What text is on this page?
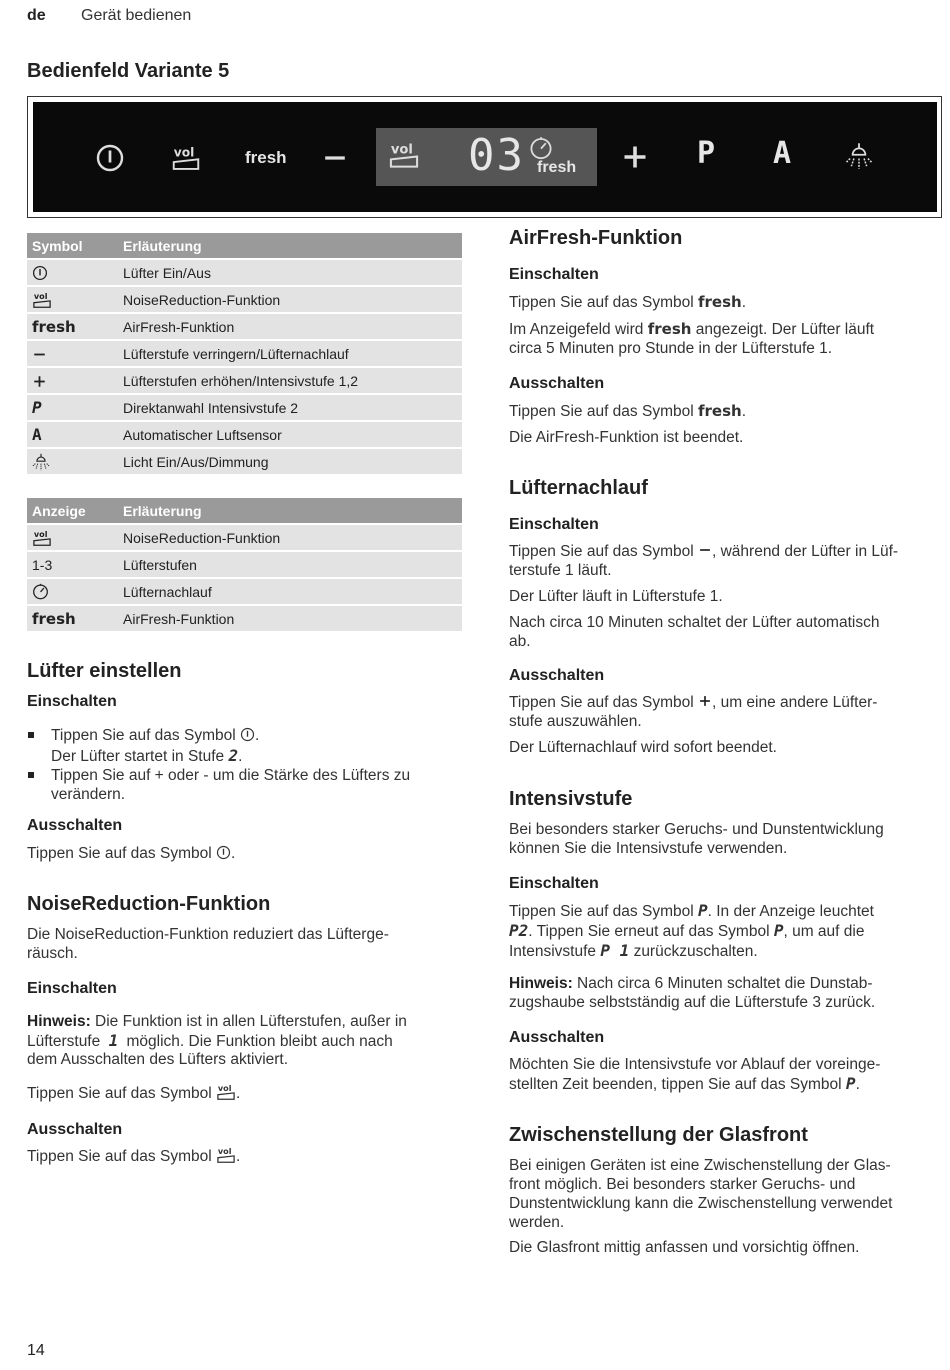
de Gerät bedienen
Bedienfeld Variante 5
fresh	03 fresh	P A
Symbol	Erläuterung
	Lüfter Ein/Aus
	NoiseReduction-Funktion
fresh	AirFresh-Funktion
	Lüfterstufe verringern/Lüfternachlauf
	Lüfterstufen erhöhen/Intensivstufe 1,2
P	Direktanwahl Intensivstufe 2
A	Automatischer Luftsensor
	Licht Ein/Aus/Dimmung
Anzeige	Erläuterung
	NoiseReduction-Funktion
1-3	Lüfterstufen
	Lüfternachlauf
fresh	AirFresh-Funktion
Lüfter einstellen
Einschalten
Tippen Sie auf das Symbol .
Der Lüfter startet in Stufe 2.
Tippen Sie auf + oder - um die Stärke des Lüfters zu
verändern.
Ausschalten
Tippen Sie auf das Symbol .
NoiseReduction-Funktion
Die NoiseReduction-Funktion reduziert das Lüfterge-
räusch.
Einschalten
Hinweis: Die Funktion ist in allen Lüfterstufen, außer in
Lüfterstufe 1 möglich. Die Funktion bleibt auch nach
dem Ausschalten des Lüfters aktiviert.
Tippen Sie auf das Symbol .
Ausschalten
Tippen Sie auf das Symbol .
AirFresh-Funktion
Einschalten
Tippen Sie auf das Symbol fresh.
Im Anzeigefeld wird fresh angezeigt. Der Lüfter läuft
circa 5 Minuten pro Stunde in der Lüfterstufe 1.
Ausschalten
Tippen Sie auf das Symbol fresh.
Die AirFresh-Funktion ist beendet.
Lüfternachlauf
Einschalten
Tippen Sie auf das Symbol , während der Lüfter in Lüf-
terstufe 1 läuft.
Der Lüfter läuft in Lüfterstufe 1.
Nach circa 10 Minuten schaltet der Lüfter automatisch
ab.
Ausschalten
Tippen Sie auf das Symbol , um eine andere Lüfter-
stufe auszuwählen.
Der Lüfternachlauf wird sofort beendet.
Intensivstufe
Bei besonders starker Geruchs- und Dunstentwicklung
können Sie die Intensivstufe verwenden.
Einschalten
Tippen Sie auf das Symbol P. In der Anzeige leuchtet
P2. Tippen Sie erneut auf das Symbol P, um auf die
Intensivstufe P 1 zurückzuschalten.
Hinweis: Nach circa 6 Minuten schaltet die Dunstab-
zugshaube selbstständig auf die Lüfterstufe 3 zurück.
Ausschalten
Möchten Sie die Intensivstufe vor Ablauf der voreinge-
stellten Zeit beenden, tippen Sie auf das Symbol P.
Zwischenstellung der Glasfront
Bei einigen Geräten ist eine Zwischenstellung der Glas-
front möglich. Bei besonders starker Geruchs- und
Dunstentwicklung kann die Zwischenstellung verwendet
werden.
Die Glasfront mittig anfassen und vorsichtig öffnen.
14
